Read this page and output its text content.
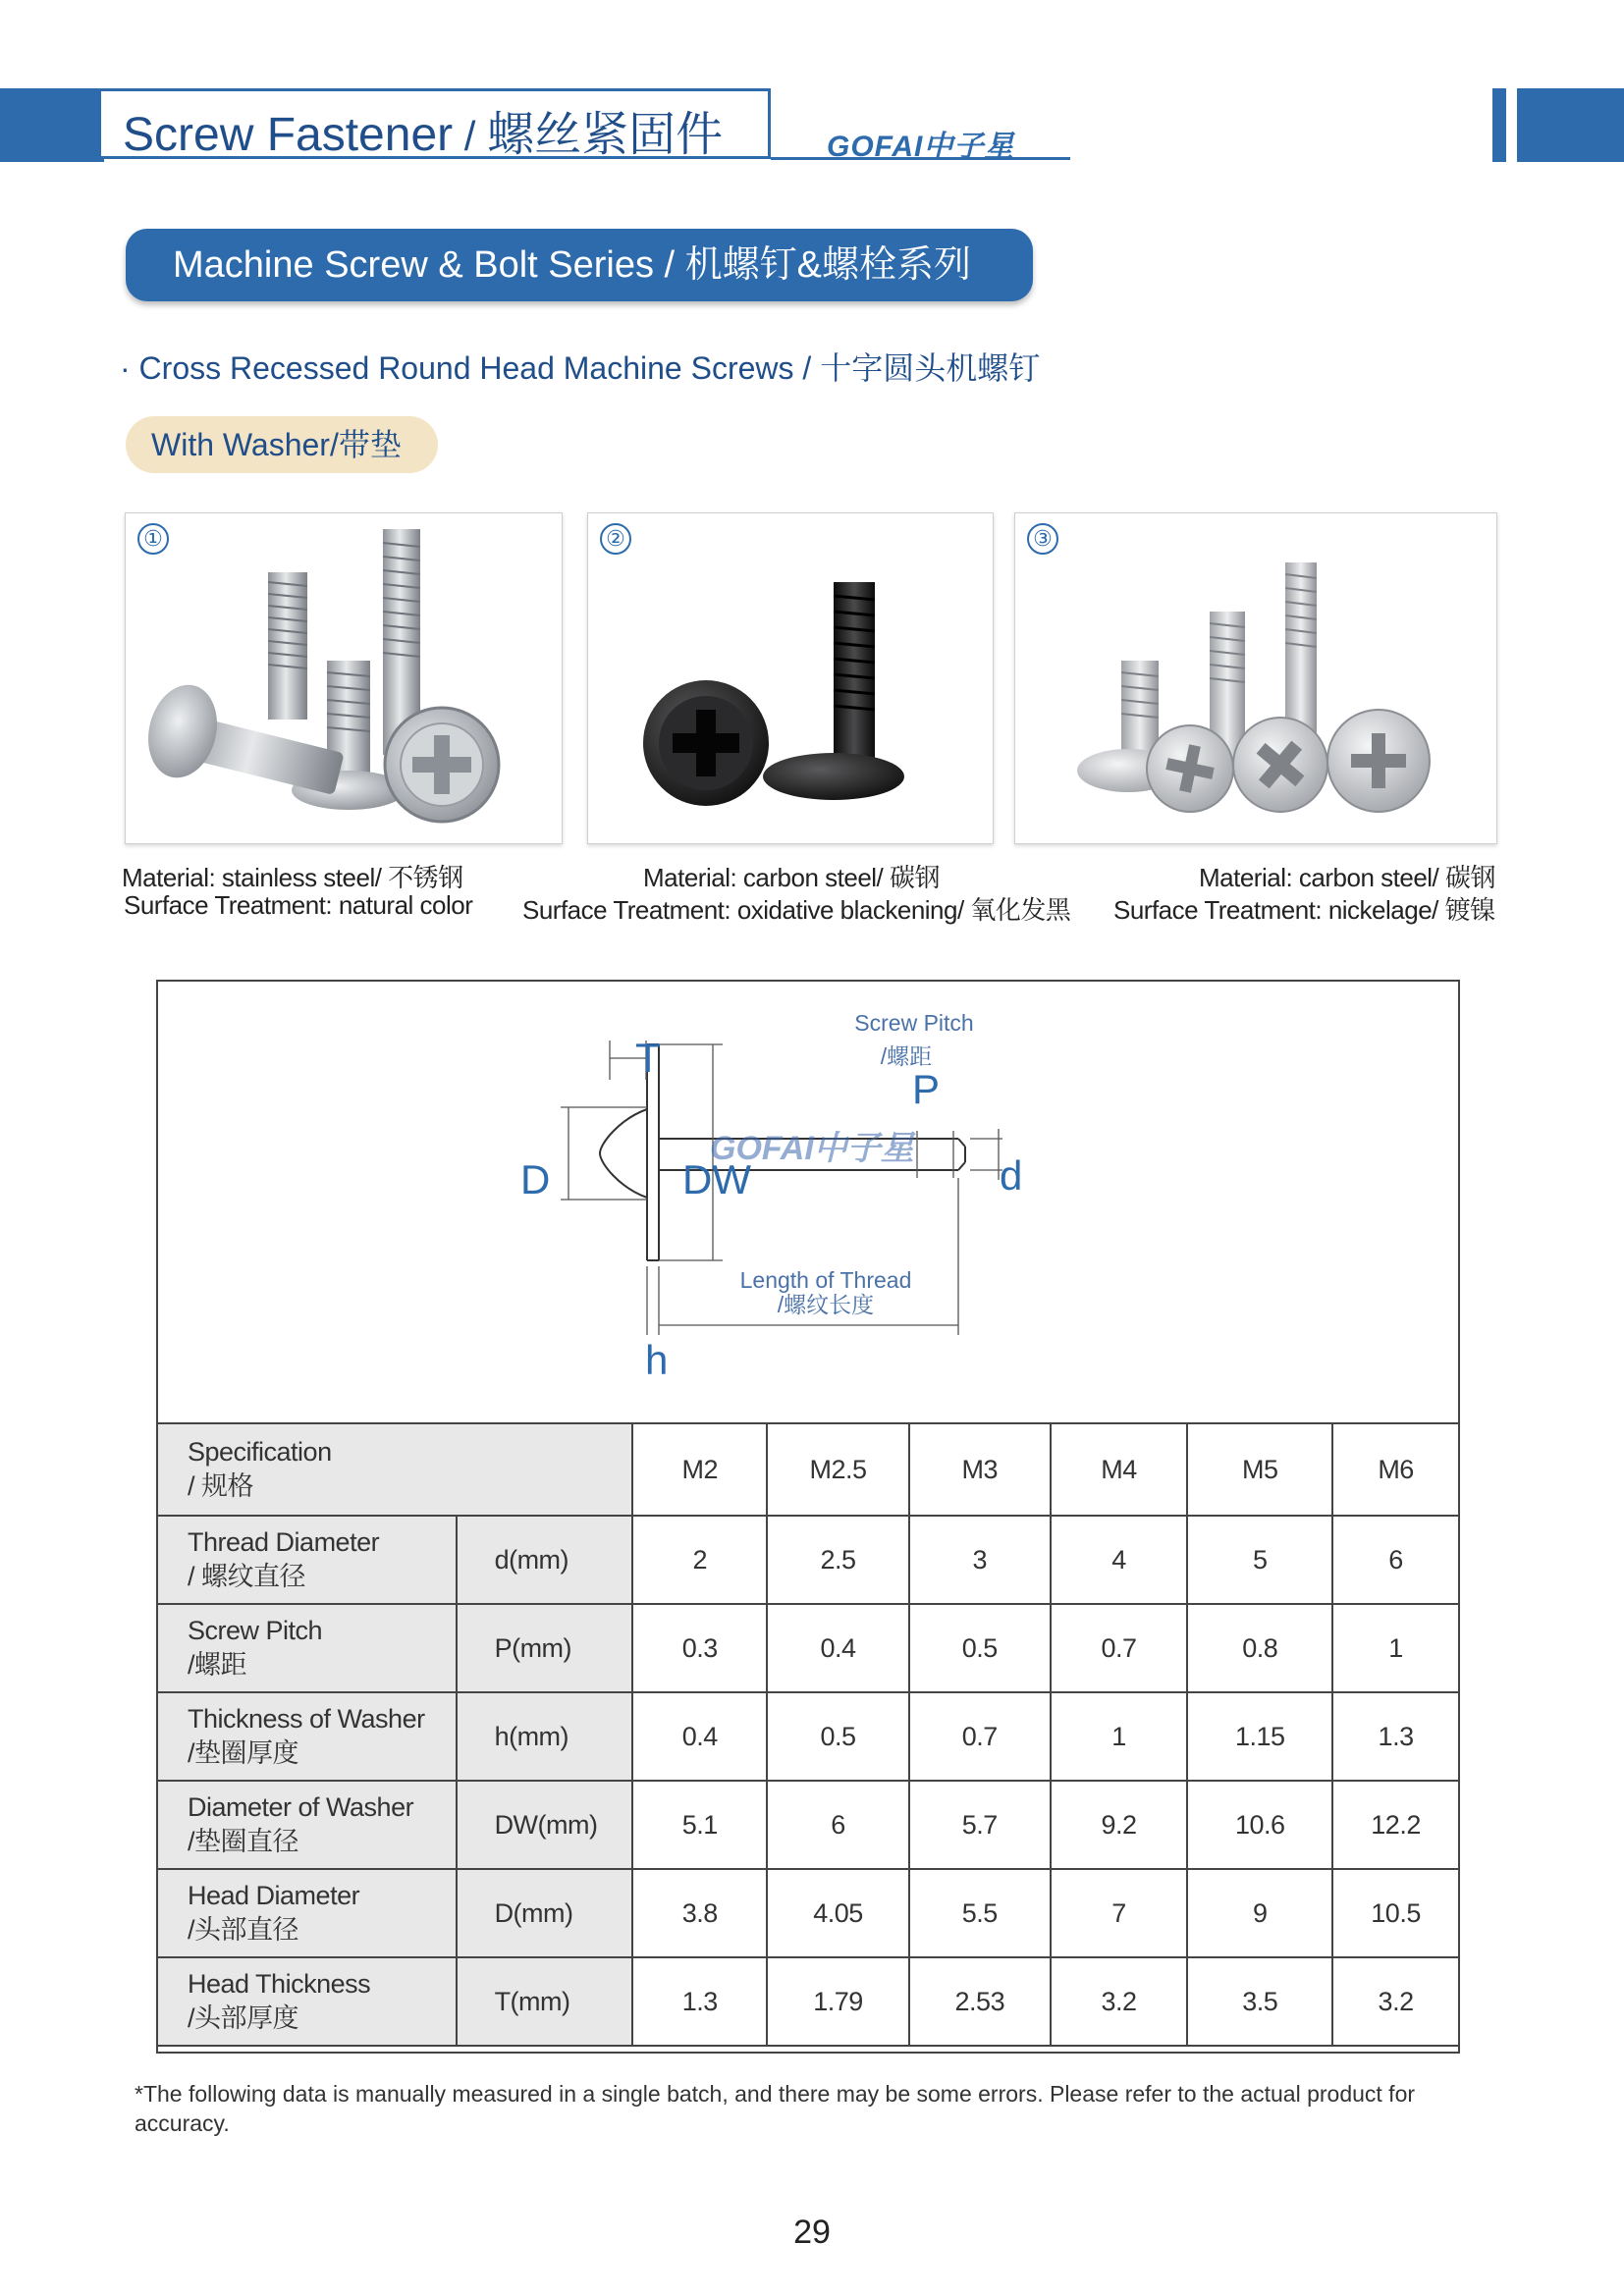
Screw Fastener / 螺丝紧固件	GOFAI中子星
Machine Screw & Bolt Series / 机螺钉&螺栓系列
· Cross Recessed Round Head Machine Screws / 十字圆头机螺钉
With Washer/带垫
①	②	③
Material: stainless steel/ 不锈钢
Surface Treatment: natural color
Material: carbon steel/ 碳钢
Surface Treatment: oxidative blackening/ 氧化发黑
Material: carbon steel/ 碳钢
Surface Treatment: nickelage/ 镀镍
GOFAI中子星
T
P
D	DW	d
h
Screw Pitch
/螺距
Length of Thread
/螺纹长度
Specification
/ 规格		M2	M2.5	M3	M4	M5	M6
Thread Diameter
/ 螺纹直径	d(mm)	2	2.5	3	4	5	6
Screw Pitch
/螺距	P(mm)	0.3	0.4	0.5	0.7	0.8	1
Thickness of Washer
/垫圈厚度	h(mm)	0.4	0.5	0.7	1	1.15	1.3
Diameter of Washer
/垫圈直径	DW(mm)	5.1	6	5.7	9.2	10.6	12.2
Head Diameter
/头部直径	D(mm)	3.8	4.05	5.5	7	9	10.5
Head Thickness
/头部厚度	T(mm)	1.3	1.79	2.53	3.2	3.5	3.2
*The following data is manually measured in a single batch, and there may be some errors. Please refer to the actual product for accuracy.
29
